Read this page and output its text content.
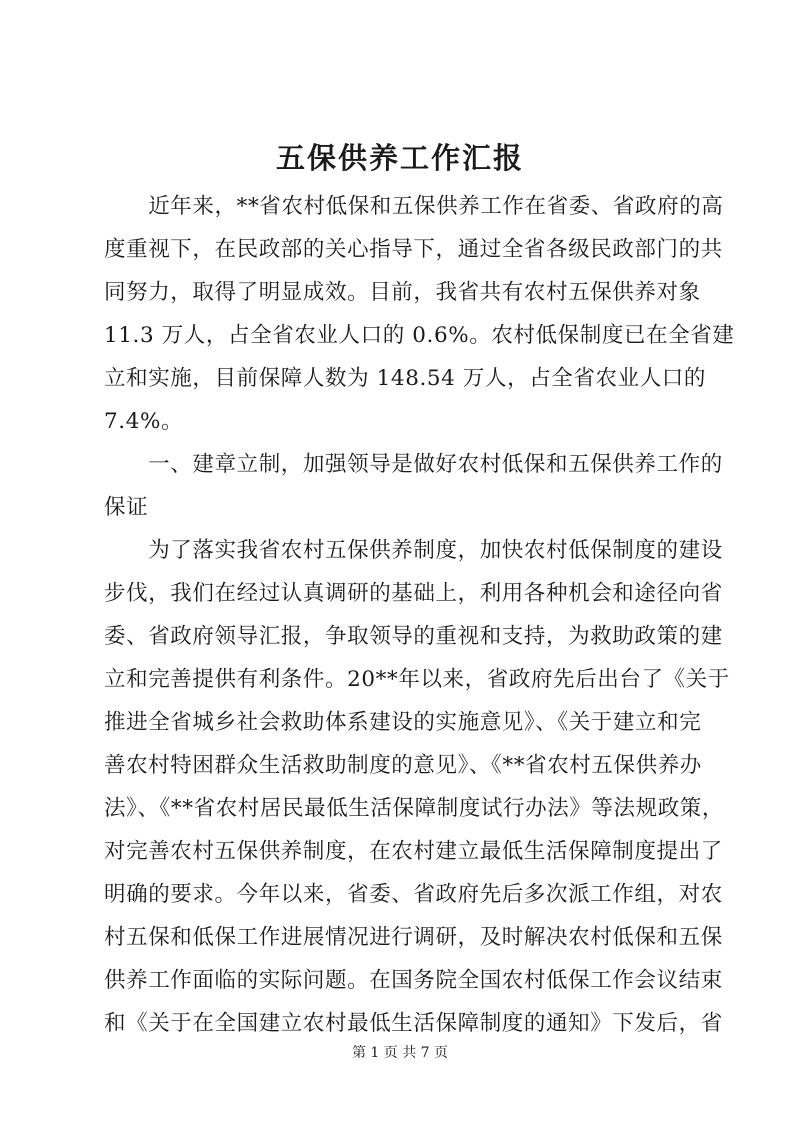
五保供养工作汇报
　　近年来，**省农村低保和五保供养工作在省委、省政府的高
度重视下，在民政部的关心指导下，通过全省各级民政部门的共
同努力，取得了明显成效。目前，我省共有农村五保供养对象
11.3 万人，占全省农业人口的 0.6%。农村低保制度已在全省建
立和实施，目前保障人数为 148.54 万人，占全省农业人口的
7.4%。
　　一、建章立制，加强领导是做好农村低保和五保供养工作的
保证
　　为了落实我省农村五保供养制度，加快农村低保制度的建设
步伐，我们在经过认真调研的基础上，利用各种机会和途径向省
委、省政府领导汇报，争取领导的重视和支持，为救助政策的建
立和完善提供有利条件。20**年以来，省政府先后出台了《关于
推进全省城乡社会救助体系建设的实施意见》、《关于建立和完
善农村特困群众生活救助制度的意见》、《**省农村五保供养办
法》、《**省农村居民最低生活保障制度试行办法》等法规政策，
对完善农村五保供养制度，在农村建立最低生活保障制度提出了
明确的要求。今年以来，省委、省政府先后多次派工作组，对农
村五保和低保工作进展情况进行调研，及时解决农村低保和五保
供养工作面临的实际问题。在国务院全国农村低保工作会议结束
和《关于在全国建立农村最低生活保障制度的通知》下发后，省
第 1 页 共 7 页
